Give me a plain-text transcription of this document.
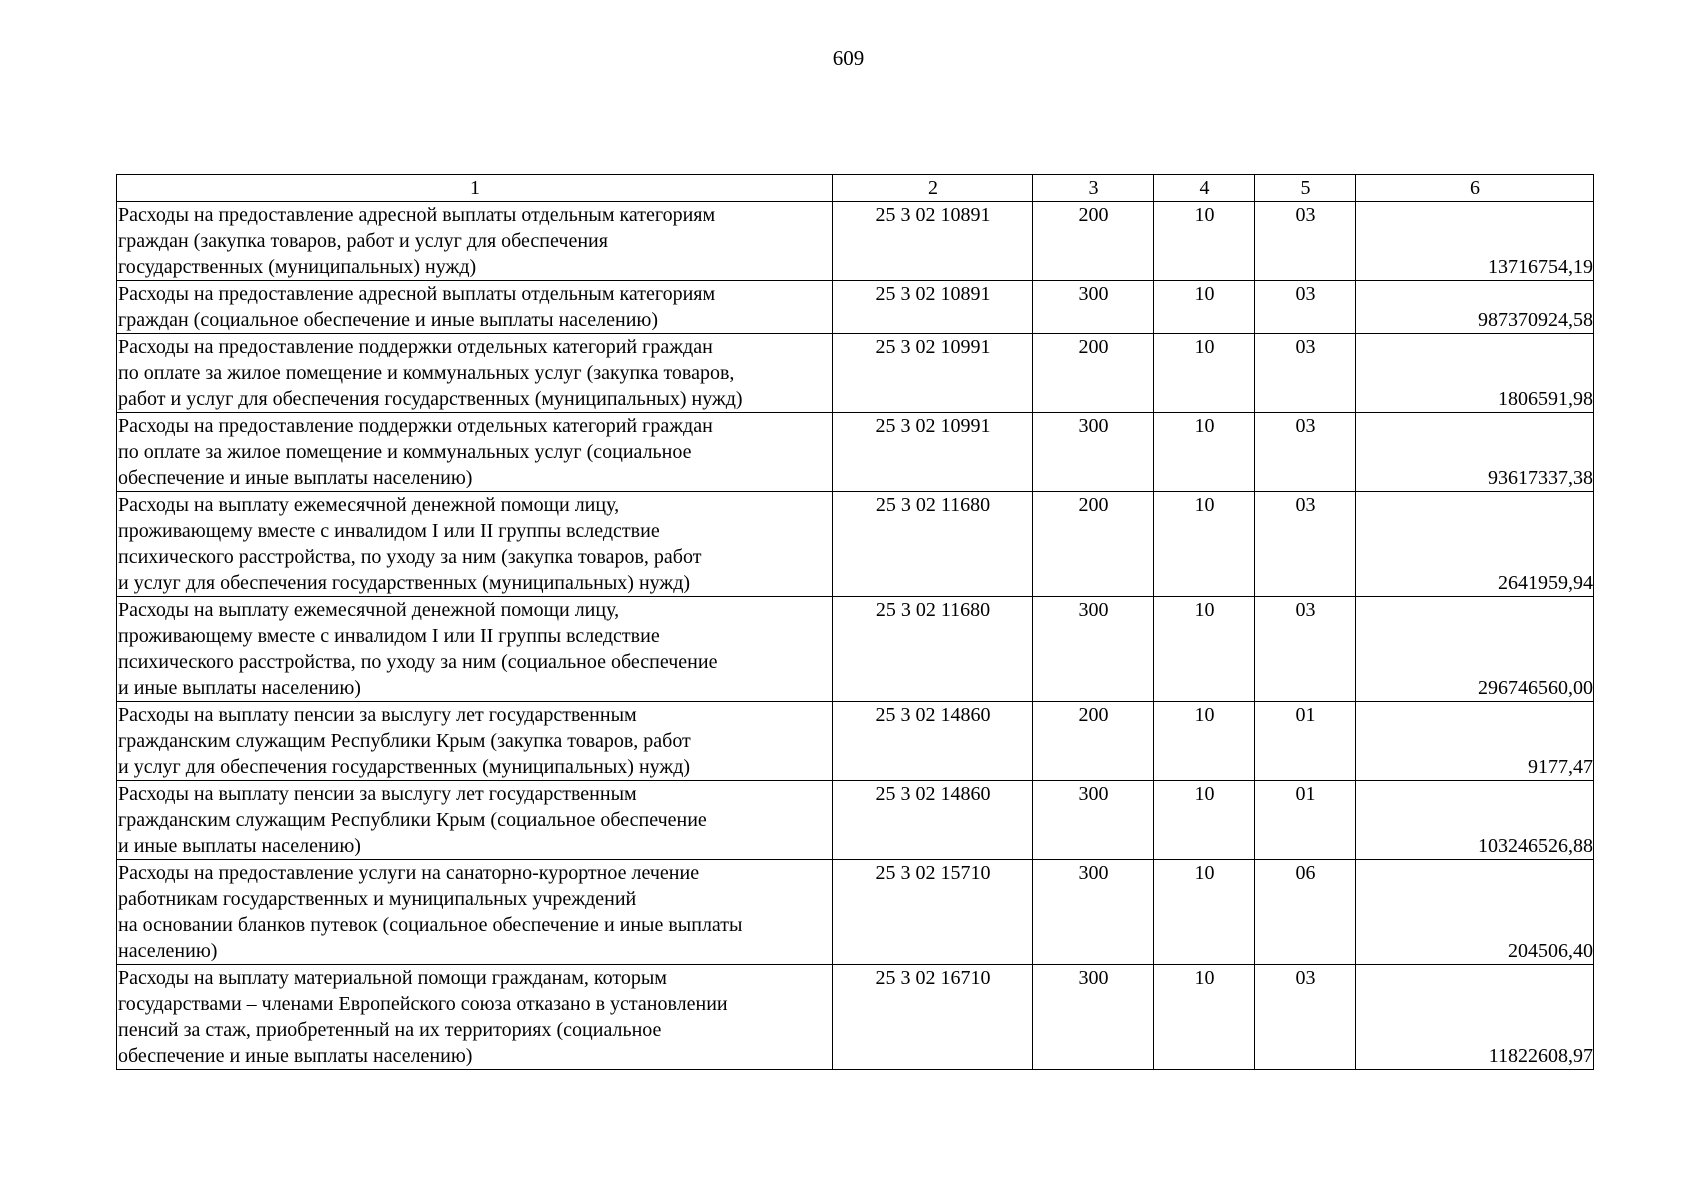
609
1	2	3	4	5	6
Расходы на предоставление адресной выплаты отдельным категориям
граждан (закупка товаров, работ и услуг для обеспечения
государственных (муниципальных) нужд)	25 3 02 10891	200	10	03	13716754,19
Расходы на предоставление адресной выплаты отдельным категориям
граждан (социальное обеспечение и иные выплаты населению)	25 3 02 10891	300	10	03	987370924,58
Расходы на предоставление поддержки отдельных категорий граждан
по оплате за жилое помещение и коммунальных услуг (закупка товаров,
работ и услуг для обеспечения государственных (муниципальных) нужд)	25 3 02 10991	200	10	03	1806591,98
Расходы на предоставление поддержки отдельных категорий граждан
по оплате за жилое помещение и коммунальных услуг (социальное
обеспечение и иные выплаты населению)	25 3 02 10991	300	10	03	93617337,38
Расходы на выплату ежемесячной денежной помощи лицу,
проживающему вместе с инвалидом I или II группы вследствие
психического расстройства, по уходу за ним (закупка товаров, работ
и услуг для обеспечения государственных (муниципальных) нужд)	25 3 02 11680	200	10	03	2641959,94
Расходы на выплату ежемесячной денежной помощи лицу,
проживающему вместе с инвалидом I или II группы вследствие
психического расстройства, по уходу за ним (социальное обеспечение
и иные выплаты населению)	25 3 02 11680	300	10	03	296746560,00
Расходы на выплату пенсии за выслугу лет государственным
гражданским служащим Республики Крым (закупка товаров, работ
и услуг для обеспечения государственных (муниципальных) нужд)	25 3 02 14860	200	10	01	9177,47
Расходы на выплату пенсии за выслугу лет государственным
гражданским служащим Республики Крым (социальное обеспечение
и иные выплаты населению)	25 3 02 14860	300	10	01	103246526,88
Расходы на предоставление услуги на санаторно-курортное лечение
работникам государственных и муниципальных учреждений
на основании бланков путевок (социальное обеспечение и иные выплаты
населению)	25 3 02 15710	300	10	06	204506,40
Расходы на выплату материальной помощи гражданам, которым
государствами – членами Европейского союза отказано в установлении
пенсий за стаж, приобретенный на их территориях (социальное
обеспечение и иные выплаты населению)	25 3 02 16710	300	10	03	11822608,97
